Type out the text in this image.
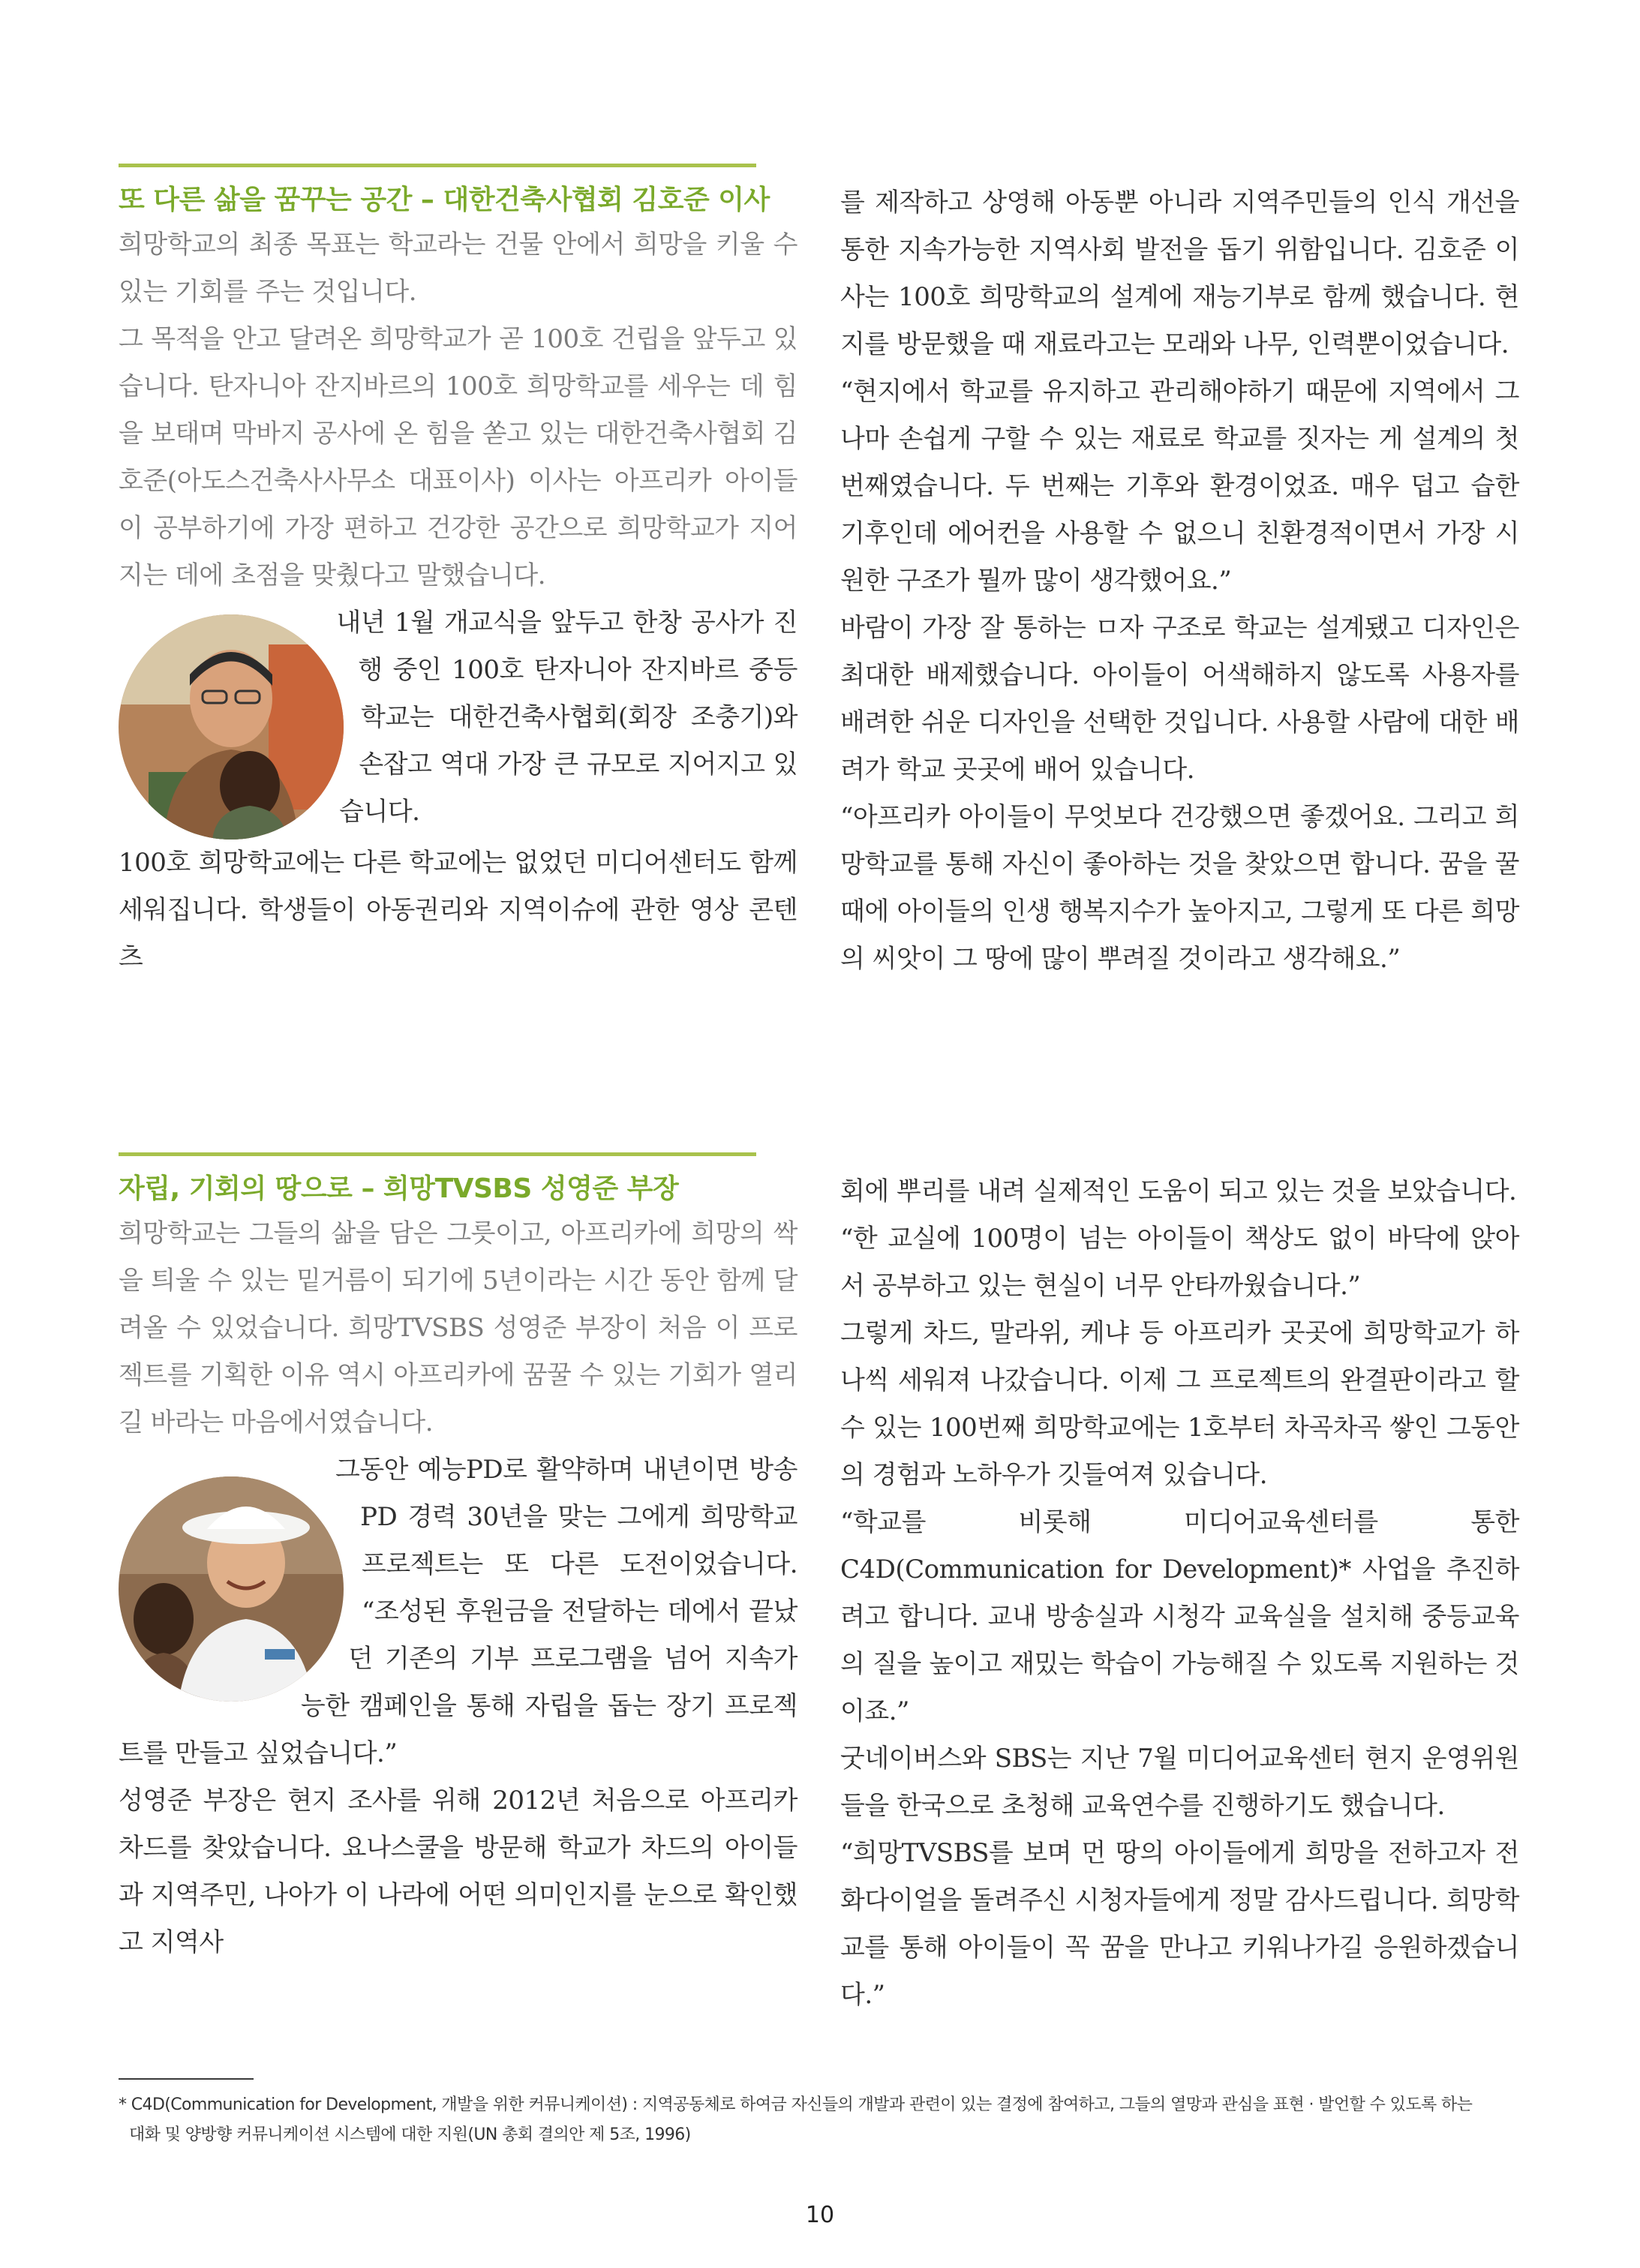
또 다른 삶을 꿈꾸는 공간 – 대한건축사협회 김호준 이사

희망학교의 최종 목표는 학교라는 건물 안에서 희망을 키울 수 있는 기회를 주는 것입니다.

그 목적을 안고 달려온 희망학교가 곧 100호 건립을 앞두고 있습니다. 탄자니아 잔지바르의 100호 희망학교를 세우는 데 힘을 보태며 막바지 공사에 온 힘을 쏟고 있는 대한건축사협회 김호준(아도스건축사사무소 대표이사) 이사는 아프리카 아이들이 공부하기에 가장 편하고 건강한 공간으로 희망학교가 지어지는 데에 초점을 맞췄다고 말했습니다.

내년 1월 개교식을 앞두고 한창 공사가 진행 중인 100호 탄자니아 잔지바르 중등학교는 대한건축사협회(회장 조충기)와 손잡고 역대 가장 큰 규모로 지어지고 있습니다.

100호 희망학교에는 다른 학교에는 없었던 미디어센터도 함께 세워집니다. 학생들이 아동권리와 지역이슈에 관한 영상 콘텐츠

를 제작하고 상영해 아동뿐 아니라 지역주민들의 인식 개선을 통한 지속가능한 지역사회 발전을 돕기 위함입니다. 김호준 이사는 100호 희망학교의 설계에 재능기부로 함께 했습니다. 현지를 방문했을 때 재료라고는 모래와 나무, 인력뿐이었습니다.

“현지에서 학교를 유지하고 관리해야하기 때문에 지역에서 그나마 손쉽게 구할 수 있는 재료로 학교를 짓자는 게 설계의 첫 번째였습니다. 두 번째는 기후와 환경이었죠. 매우 덥고 습한 기후인데 에어컨을 사용할 수 없으니 친환경적이면서 가장 시원한 구조가 뭘까 많이 생각했어요.”

바람이 가장 잘 통하는 ㅁ자 구조로 학교는 설계됐고 디자인은 최대한 배제했습니다. 아이들이 어색해하지 않도록 사용자를 배려한 쉬운 디자인을 선택한 것입니다. 사용할 사람에 대한 배려가 학교 곳곳에 배어 있습니다.

“아프리카 아이들이 무엇보다 건강했으면 좋겠어요. 그리고 희망학교를 통해 자신이 좋아하는 것을 찾았으면 합니다. 꿈을 꿀 때에 아이들의 인생 행복지수가 높아지고, 그렇게 또 다른 희망의 씨앗이 그 땅에 많이 뿌려질 것이라고 생각해요.”

자립, 기회의 땅으로 – 희망TVSBS 성영준 부장

희망학교는 그들의 삶을 담은 그릇이고, 아프리카에 희망의 싹을 틔울 수 있는 밑거름이 되기에 5년이라는 시간 동안 함께 달려올 수 있었습니다. 희망TVSBS 성영준 부장이 처음 이 프로젝트를 기획한 이유 역시 아프리카에 꿈꿀 수 있는 기회가 열리길 바라는 마음에서였습니다.

그동안 예능PD로 활약하며 내년이면 방송PD 경력 30년을 맞는 그에게 희망학교 프로젝트는 또 다른 도전이었습니다. “조성된 후원금을 전달하는 데에서 끝났던 기존의 기부 프로그램을 넘어 지속가능한 캠페인을 통해 자립을 돕는 장기 프로젝트를 만들고 싶었습니다.”

성영준 부장은 현지 조사를 위해 2012년 처음으로 아프리카 차드를 찾았습니다. 요나스쿨을 방문해 학교가 차드의 아이들과 지역주민, 나아가 이 나라에 어떤 의미인지를 눈으로 확인했고 지역사

회에 뿌리를 내려 실제적인 도움이 되고 있는 것을 보았습니다.

“한 교실에 100명이 넘는 아이들이 책상도 없이 바닥에 앉아서 공부하고 있는 현실이 너무 안타까웠습니다.”

그렇게 차드, 말라위, 케냐 등 아프리카 곳곳에 희망학교가 하나씩 세워져 나갔습니다. 이제 그 프로젝트의 완결판이라고 할 수 있는 100번째 희망학교에는 1호부터 차곡차곡 쌓인 그동안의 경험과 노하우가 깃들여져 있습니다.

“학교를 비롯해 미디어교육센터를 통한 C4D(Communication for Development)* 사업을 추진하려고 합니다. 교내 방송실과 시청각 교육실을 설치해 중등교육의 질을 높이고 재밌는 학습이 가능해질 수 있도록 지원하는 것이죠.”

굿네이버스와 SBS는 지난 7월 미디어교육센터 현지 운영위원들을 한국으로 초청해 교육연수를 진행하기도 했습니다.

“희망TVSBS를 보며 먼 땅의 아이들에게 희망을 전하고자 전화다이얼을 돌려주신 시청자들에게 정말 감사드립니다. 희망학교를 통해 아이들이 꼭 꿈을 만나고 키워나가길 응원하겠습니다.”

* C4D(Communication for Development, 개발을 위한 커뮤니케이션) : 지역공동체로 하여금 자신들의 개발과 관련이 있는 결정에 참여하고, 그들의 열망과 관심을 표현 · 발언할 수 있도록 하는
대화 및 양방향 커뮤니케이션 시스템에 대한 지원(UN 총회 결의안 제 5조, 1996)
10
